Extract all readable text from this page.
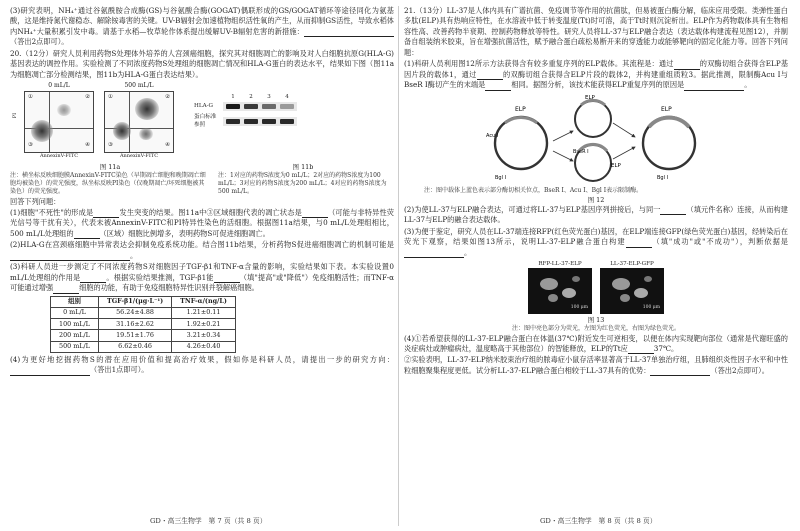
(3)研究表明，NH₄⁺通过谷氨酰胺合成酶(GS)与谷氨酸合酶(GOGAT)偶联形成的GS/GOGAT循环等途径同化为氨基酸，这是维持氮代谢稳态、解除铵毒害的关键。UV-B辐射会加速植物组织活性氧的产生，从而抑制GS活性，导致水稻体内NH₄⁺大量积累引发中毒。请基于水稻—牧草轮作体系提出缓解UV-B辐射危害的新措施：（答出2点即可）。

20.（12分）研究人员利用药物S处理体外培养的人宫颈癌细胞，探究其对细胞凋亡的影响及对人白细胞抗原G(HLA-G)基因表达的调控作用。实验检测了不同浓度药物S处理组的细胞凋亡情况和HLA-G蛋白的表达水平，结果如下图（图11a为细胞凋亡部分检测结果，图11b为HLA-G蛋白表达结果）。

0 mL/L
PI
①	②
③	④
AnnexinV-FITC
500 mL/L
①	②
③	④
AnnexinV-FITC
1	2	3	4
HLA-G
蛋白标准参照
图 11a
注：横坐标反映细胞膜AnnexinV-FITC染色（早期凋亡细胞和晚期凋亡细胞均被染色）的荧光强度，纵坐标反映PI染色（仅晚期凋亡/坏死细胞被其染色）的荧光强度。
图 11b
注：1对应的药物S浓度为0 mL/L；2对应的药物S浓度为100 mL/L；3对应的药物S浓度为200 mL/L；4对应的药物S浓度为500 mL/L。

回答下列问题：

(1)细胞"不死性"的形成是	发生突变的结果。图11a中③区域细胞代表的凋亡状态是	（可能与非特异性荧光信号等干扰有关），代表未被AnnexinV-FITC和PI特异性染色的活细胞。根据图11a结果，与0 mL/L处理组相比，500 mL/L处理组的	（区域）细胞比例增多，表明药物S可促进细胞凋亡。

(2)HLA-G在宫颈癌细胞中异常表达会抑制免疫系统功能。结合图11b结果，分析药物S促进癌细胞凋亡的机制可能是。

(3)科研人员进一步测定了不同浓度药物S对细胞因子TGF-β1和TNF-α含量的影响，实验结果如下表。本实验设置0 mL/L处理组的作用是	。根据实验结果推测，TGF-β1能	（填"提高"或"降低"）免疫细胞活性；而TNF-α可能通过增强	细胞的功能，有助于免疫细胞特异性识别并裂解癌细胞。

组别	TGF-β1/(μg·L⁻¹)	TNF-α/(ng/L)
0 mL/L	56.24±4.88	1.21±0.11
100 mL/L	31.16±2.62	1.92±0.21
200 mL/L	19.51±1.76	3.21±0.34
500 mL/L	6.62±0.46	4.26±0.40

(4)为更好地挖掘药物S的潜在应用价值和提高治疗效果，假如你是科研人员，请提出一步的研究方向：（答出1点即可）。

21.（13分）LL-37是人体内具有广谱抗菌、免疫调节等作用的抗菌肽，但易被蛋白酶分解，临床应用受限。类弹性蛋白多肽(ELP)具有热响应特性，在水溶液中低于转变温度(Tt)时可溶，高于Tt时则沉淀析出。ELP作为药物载体具有生物相容性高、改善药物半衰期、控制药物释放等特性。研究人员将LL-37与ELP融合表达（表达载体构建流程见图12），并制备自组装纳米胶束，旨在增强抗菌活性，赋予融合蛋白疏松易断开来的穿透能力或能够靶向的固定化能力等。回答下列问题：

(1)科研人员利用图12所示方法获得含有较多重复序列的ELP载体。其流程是：通过	的双酶切组合获得含ELP基因片段的载体1，通过	的双酶切组合获得含ELP片段的载体2，并构建重组质粒3。据此推测，限制酶Acu I与BseR I酶切产生的末端是	相同。据图分析，该技术能获得ELP重复序列的原因是	。

ELP
Acu I
Bgl I
ELP
BseR I
ELP
ELP
Bgl I
注：图中载体上蓝色表示部分酶切相关位点，BseR I、Acu I、Bgl I表示限制酶。
图 12

(2)为使LL-37与ELP融合表达，可通过将LL-37与ELP基因序列拼接后，与同一	（填元件名称）连接，从而构建LL-37与ELP的融合表达载体。

(3)为便于鉴定，研究人员在LL-37端连接RFP(红色荧光蛋白)基因，在ELP端连接GFP(绿色荧光蛋白)基因，经转染后在荧光下观察，结果如图13所示，说明LL-37-ELP融合蛋白构建	（填"成功"或"不成功"），判断依据是。

RFP-LL-37-ELP
100 μm
LL-37-ELP-GFP
100 μm
图 13
注：图中亮色部分为荧光，左图为红色荧光，右图为绿色荧光。

(4)①若希望获得的LL-37-ELP融合蛋白在体温(37℃)附近发生可逆相变，以便在体内实现靶向部位（通常是代谢旺盛的炎症病灶或肿瘤病灶，温度略高于其他部位）的智能释放，ELP的Tt应	37℃。

②实验表明，LL-37-ELP纳米胶束治疗组的脓毒症小鼠存活率显著高于LL-37单独治疗组，且肺组织炎性因子水平和中性粒细胞聚集程度更低。试分析LL-37-ELP融合蛋白相较于LL-37具有的优势：	（答出2点即可）。

GD・高三生物学　第 7 页（共 8 页）	GD・高三生物学　第 8 页（共 8 页）
